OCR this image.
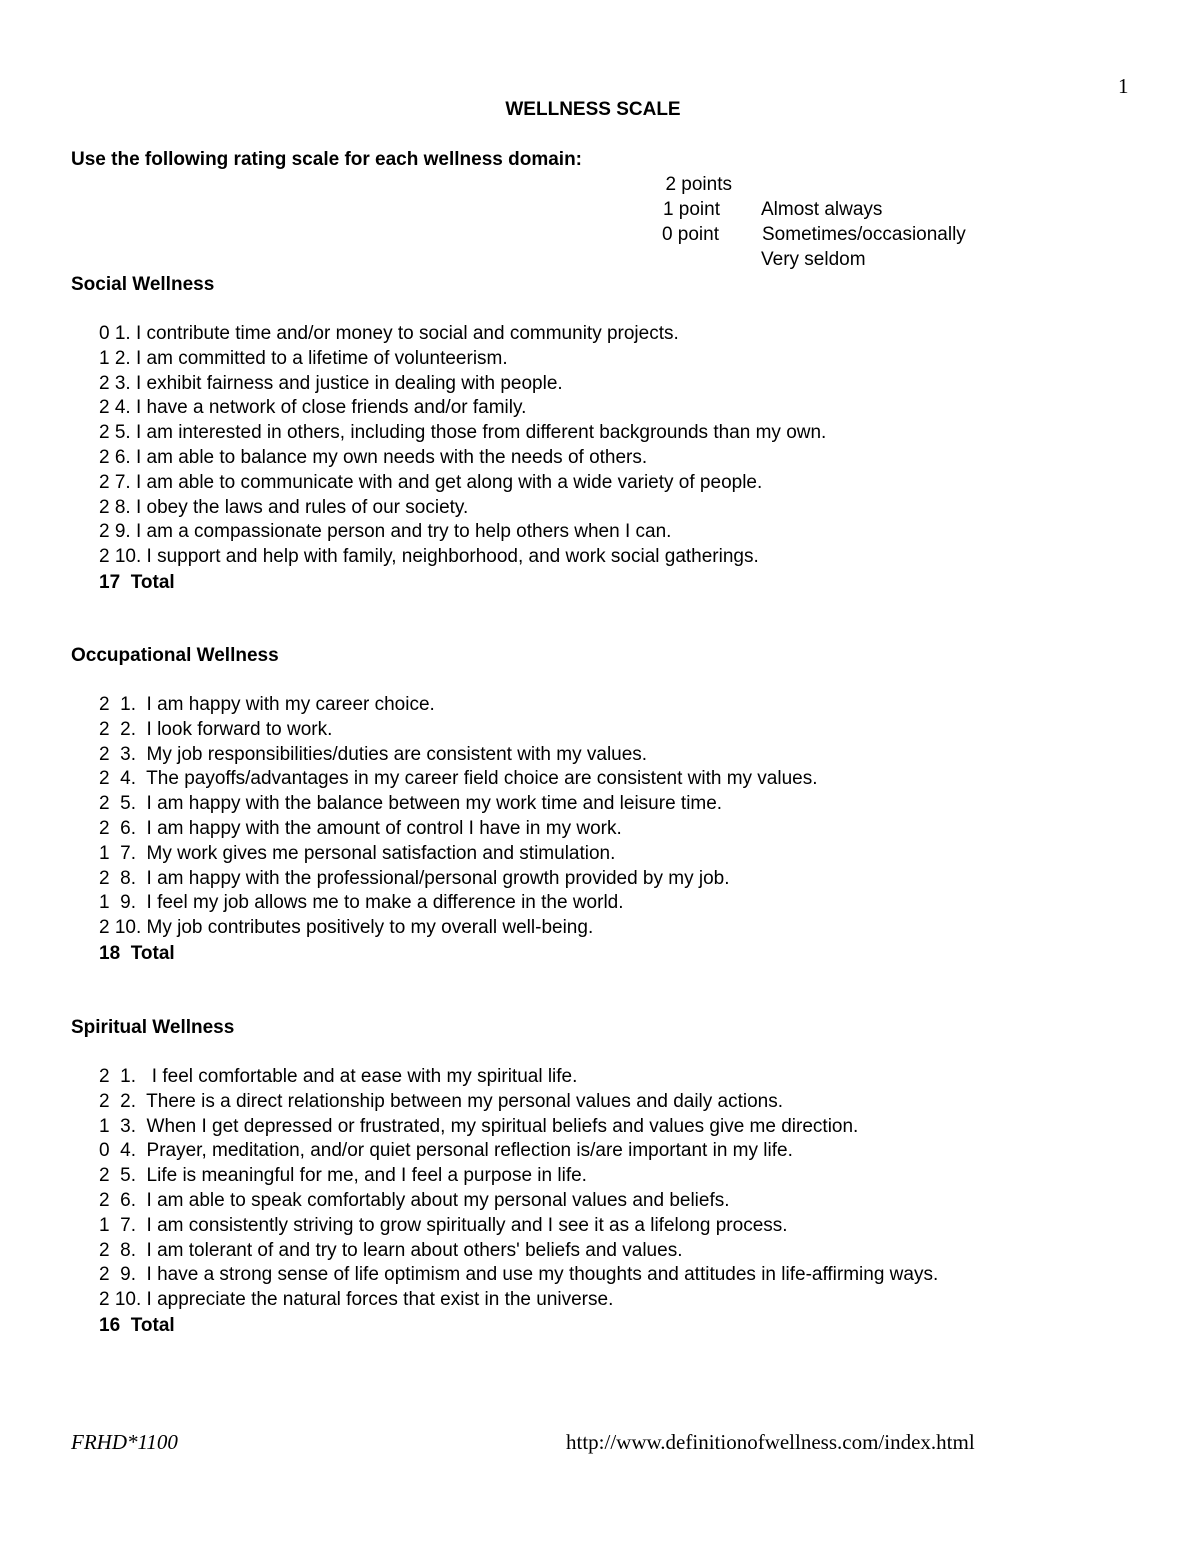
1
WELLNESS SCALE
Use the following rating scale for each wellness domain:

2 points

Almost always

1 point

Sometimes/occasionally

0 point

Very seldom

Social Wellness
0 1. I contribute time and/or money to social and community projects.
1 2. I am committed to a lifetime of volunteerism.
2 3. I exhibit fairness and justice in dealing with people.
2 4. I have a network of close friends and/or family.
2 5. I am interested in others, including those from different backgrounds than my own.
2 6. I am able to balance my own needs with the needs of others.
2 7. I am able to communicate with and get along with a wide variety of people.
2 8. I obey the laws and rules of our society.
2 9. I am a compassionate person and try to help others when I can.
2 10. I support and help with family, neighborhood, and work social gatherings.
17  Total
Occupational Wellness
2  1.  I am happy with my career choice.
2  2.  I look forward to work.
2  3.  My job responsibilities/duties are consistent with my values.
2  4.  The payoffs/advantages in my career field choice are consistent with my values.
2  5.  I am happy with the balance between my work time and leisure time.
2  6.  I am happy with the amount of control I have in my work.
1  7.  My work gives me personal satisfaction and stimulation.
2  8.  I am happy with the professional/personal growth provided by my job.
1  9.  I feel my job allows me to make a difference in the world.
2 10. My job contributes positively to my overall well-being.
18  Total
Spiritual Wellness
2  1.   I feel comfortable and at ease with my spiritual life.
2  2.  There is a direct relationship between my personal values and daily actions.
1  3.  When I get depressed or frustrated, my spiritual beliefs and values give me direction.
0  4.  Prayer, meditation, and/or quiet personal reflection is/are important in my life.
2  5.  Life is meaningful for me, and I feel a purpose in life.
2  6.  I am able to speak comfortably about my personal values and beliefs.
1  7.  I am consistently striving to grow spiritually and I see it as a lifelong process.
2  8.  I am tolerant of and try to learn about others' beliefs and values.
2  9.  I have a strong sense of life optimism and use my thoughts and attitudes in life-affirming ways.
2 10. I appreciate the natural forces that exist in the universe.
16  Total
FRHD*1100	http://www.definitionofwellness.com/index.html
